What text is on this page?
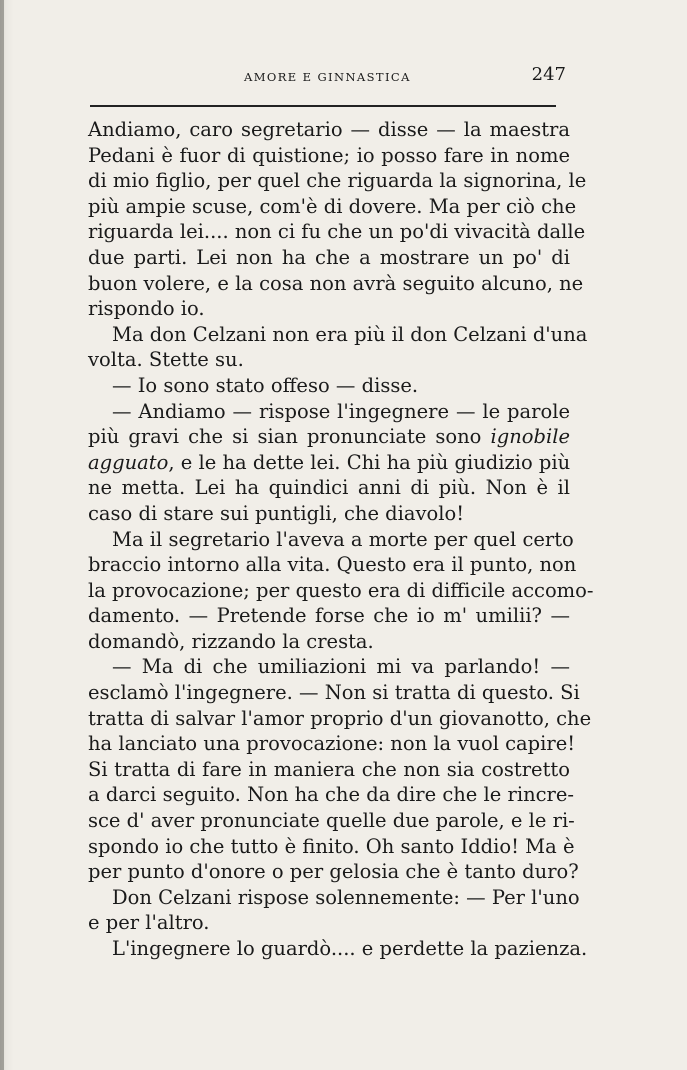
AMORE E GINNASTICA	247
Andiamo, caro segretario — disse — la maestra
Pedani è fuor di quistione; io posso fare in nome
di mio figlio, per quel che riguarda la signorina, le
più ampie scuse, com'è di dovere. Ma per ciò che
riguarda lei.... non ci fu che un po'di vivacità dalle
due parti. Lei non ha che a mostrare un po' di
buon volere, e la cosa non avrà seguito alcuno, ne
rispondo io.
Ma don Celzani non era più il don Celzani d'una
volta. Stette su.
— Io sono stato offeso — disse.
— Andiamo — rispose l'ingegnere — le parole
più gravi che si sian pronunciate sono ignobile
agguato, e le ha dette lei. Chi ha più giudizio più
ne metta. Lei ha quindici anni di più. Non è il
caso di stare sui puntigli, che diavolo!
Ma il segretario l'aveva a morte per quel certo
braccio intorno alla vita. Questo era il punto, non
la provocazione; per questo era di difficile accomo-
damento. — Pretende forse che io m' umilii? —
domandò, rizzando la cresta.
— Ma di che umiliazioni mi va parlando! —
esclamò l'ingegnere. — Non si tratta di questo. Si
tratta di salvar l'amor proprio d'un giovanotto, che
ha lanciato una provocazione: non la vuol capire!
Si tratta di fare in maniera che non sia costretto
a darci seguito. Non ha che da dire che le rincre-
sce d' aver pronunciate quelle due parole, e le ri-
spondo io che tutto è finito. Oh santo Iddio! Ma è
per punto d'onore o per gelosia che è tanto duro?
Don Celzani rispose solennemente: — Per l'uno
e per l'altro.
L'ingegnere lo guardò.... e perdette la pazienza.
